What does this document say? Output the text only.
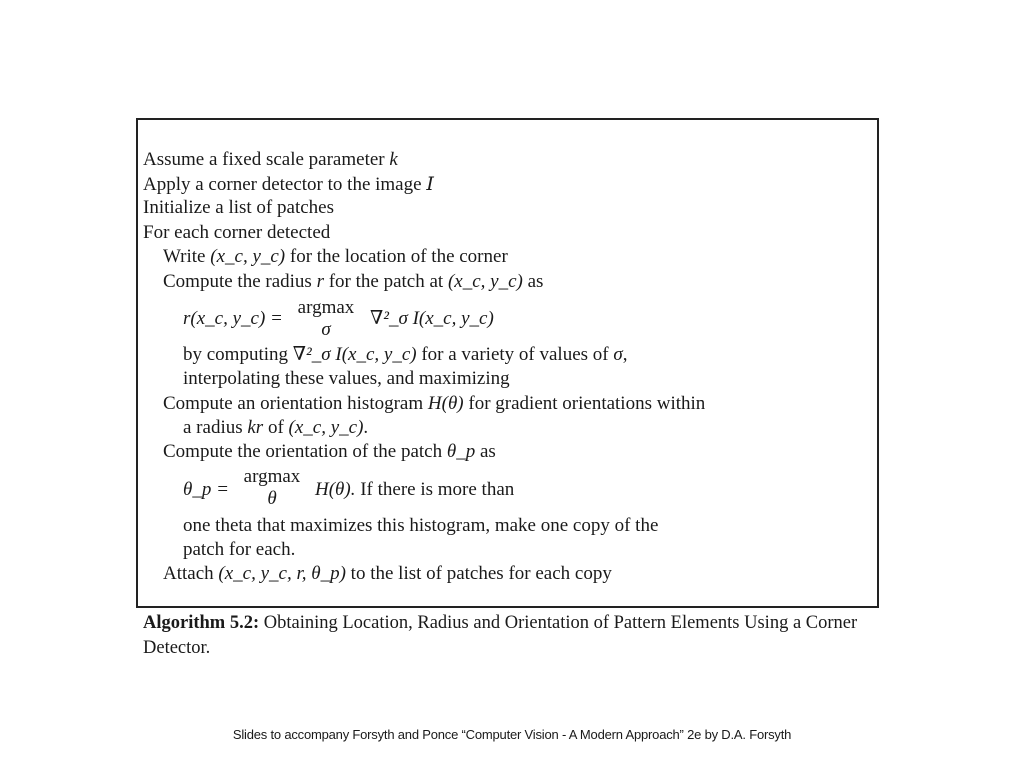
Assume a fixed scale parameter k
Apply a corner detector to the image I
Initialize a list of patches
For each corner detected
Write (x_c, y_c) for the location of the corner
Compute the radius r for the patch at (x_c, y_c) as
r(x_c, y_c) =
argmax
σ
∇²_σ I(x_c, y_c)
by computing ∇²_σ I(x_c, y_c) for a variety of values of σ,
interpolating these values, and maximizing
Compute an orientation histogram H(θ) for gradient orientations within
a radius kr of (x_c, y_c).
Compute the orientation of the patch θ_p as
θ_p =
argmax
θ	H(θ). If there is more than
one theta that maximizes this histogram, make one copy of the
patch for each.
Attach (x_c, y_c, r, θ_p) to the list of patches for each copy
Algorithm 5.2: Obtaining Location, Radius and Orientation of Pattern Elements Using a Corner Detector.
Slides to accompany Forsyth and Ponce “Computer Vision - A Modern Approach” 2e by D.A. Forsyth
